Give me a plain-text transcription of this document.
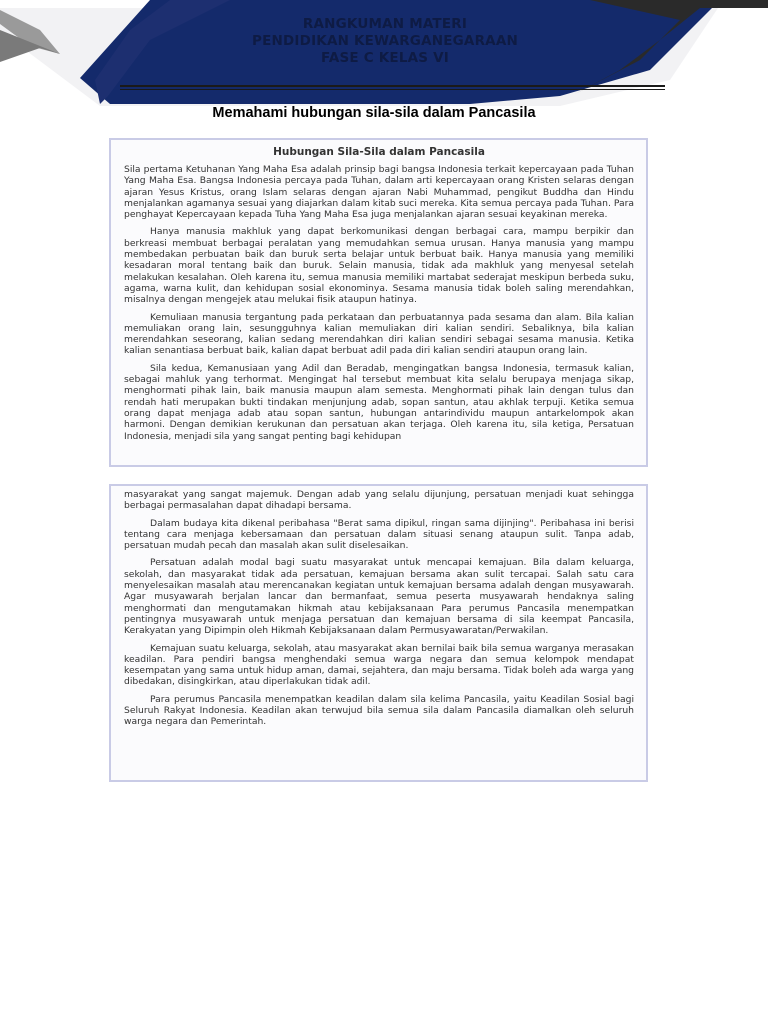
RANGKUMAN MATERI
PENDIDIKAN KEWARGANEGARAAN
FASE C KELAS VI
Memahami hubungan sila-sila dalam Pancasila
Hubungan Sila-Sila dalam Pancasila

Sila pertama Ketuhanan Yang Maha Esa adalah prinsip bagi bangsa Indonesia terkait kepercayaan pada Tuhan Yang Maha Esa. Bangsa Indonesia percaya pada Tuhan, dalam arti kepercayaan orang Kristen selaras dengan ajaran Yesus Kristus, orang Islam selaras dengan ajaran Nabi Muhammad, pengikut Buddha dan Hindu menjalankan agamanya sesuai yang diajarkan dalam kitab suci mereka. Kita semua percaya pada Tuhan. Para penghayat Kepercayaan kepada Tuha Yang Maha Esa juga menjalankan ajaran sesuai keyakinan mereka.

Hanya manusia makhluk yang dapat berkomunikasi dengan berbagai cara, mampu berpikir dan berkreasi membuat berbagai peralatan yang memudahkan semua urusan. Hanya manusia yang mampu membedakan perbuatan baik dan buruk serta belajar untuk berbuat baik. Hanya manusia yang memiliki kesadaran moral tentang baik dan buruk. Selain manusia, tidak ada makhluk yang menyesal setelah melakukan kesalahan. Oleh karena itu, semua manusia memiliki martabat sederajat meskipun berbeda suku, agama, warna kulit, dan kehidupan sosial ekonominya. Sesama manusia tidak boleh saling merendahkan, misalnya dengan mengejek atau melukai fisik ataupun hatinya.

Kemuliaan manusia tergantung pada perkataan dan perbuatannya pada sesama dan alam. Bila kalian memuliakan orang lain, sesungguhnya kalian memuliakan diri kalian sendiri. Sebaliknya, bila kalian merendahkan seseorang, kalian sedang merendahkan diri kalian sendiri sebagai sesama manusia. Ketika kalian senantiasa berbuat baik, kalian dapat berbuat adil pada diri kalian sendiri ataupun orang lain.

Sila kedua, Kemanusiaan yang Adil dan Beradab, mengingatkan bangsa Indonesia, termasuk kalian, sebagai mahluk yang terhormat. Mengingat hal tersebut membuat kita selalu berupaya menjaga sikap, menghormati pihak lain, baik manusia maupun alam semesta. Menghormati pihak lain dengan tulus dan rendah hati merupakan bukti tindakan menjunjung adab, sopan santun, atau akhlak terpuji. Ketika semua orang dapat menjaga adab atau sopan santun, hubungan antarindividu maupun antarkelompok akan harmoni. Dengan demikian kerukunan dan persatuan akan terjaga. Oleh karena itu, sila ketiga, Persatuan Indonesia, menjadi sila yang sangat penting bagi kehidupan

masyarakat yang sangat majemuk. Dengan adab yang selalu dijunjung, persatuan menjadi kuat sehingga berbagai permasalahan dapat dihadapi bersama.

Dalam budaya kita dikenal peribahasa "Berat sama dipikul, ringan sama dijinjing". Peribahasa ini berisi tentang cara menjaga kebersamaan dan persatuan dalam situasi senang ataupun sulit. Tanpa adab, persatuan mudah pecah dan masalah akan sulit diselesaikan.

Persatuan adalah modal bagi suatu masyarakat untuk mencapai kemajuan. Bila dalam keluarga, sekolah, dan masyarakat tidak ada persatuan, kemajuan bersama akan sulit tercapai. Salah satu cara menyelesaikan masalah atau merencanakan kegiatan untuk kemajuan bersama adalah dengan musyawarah. Agar musyawarah berjalan lancar dan bermanfaat, semua peserta musyawarah hendaknya saling menghormati dan mengutamakan hikmah atau kebijaksanaan Para perumus Pancasila menempatkan pentingnya musyawarah untuk menjaga persatuan dan kemajuan bersama di sila keempat Pancasila, Kerakyatan yang Dipimpin oleh Hikmah Kebijaksanaan dalam Permusyawaratan/Perwakilan.

Kemajuan suatu keluarga, sekolah, atau masyarakat akan bernilai baik bila semua warganya merasakan keadilan. Para pendiri bangsa menghendaki semua warga negara dan semua kelompok mendapat kesempatan yang sama untuk hidup aman, damai, sejahtera, dan maju bersama. Tidak boleh ada warga yang dibedakan, disingkirkan, atau diperlakukan tidak adil.

Para perumus Pancasila menempatkan keadilan dalam sila kelima Pancasila, yaitu Keadilan Sosial bagi Seluruh Rakyat Indonesia. Keadilan akan terwujud bila semua sila dalam Pancasila diamalkan oleh seluruh warga negara dan Pemerintah.
